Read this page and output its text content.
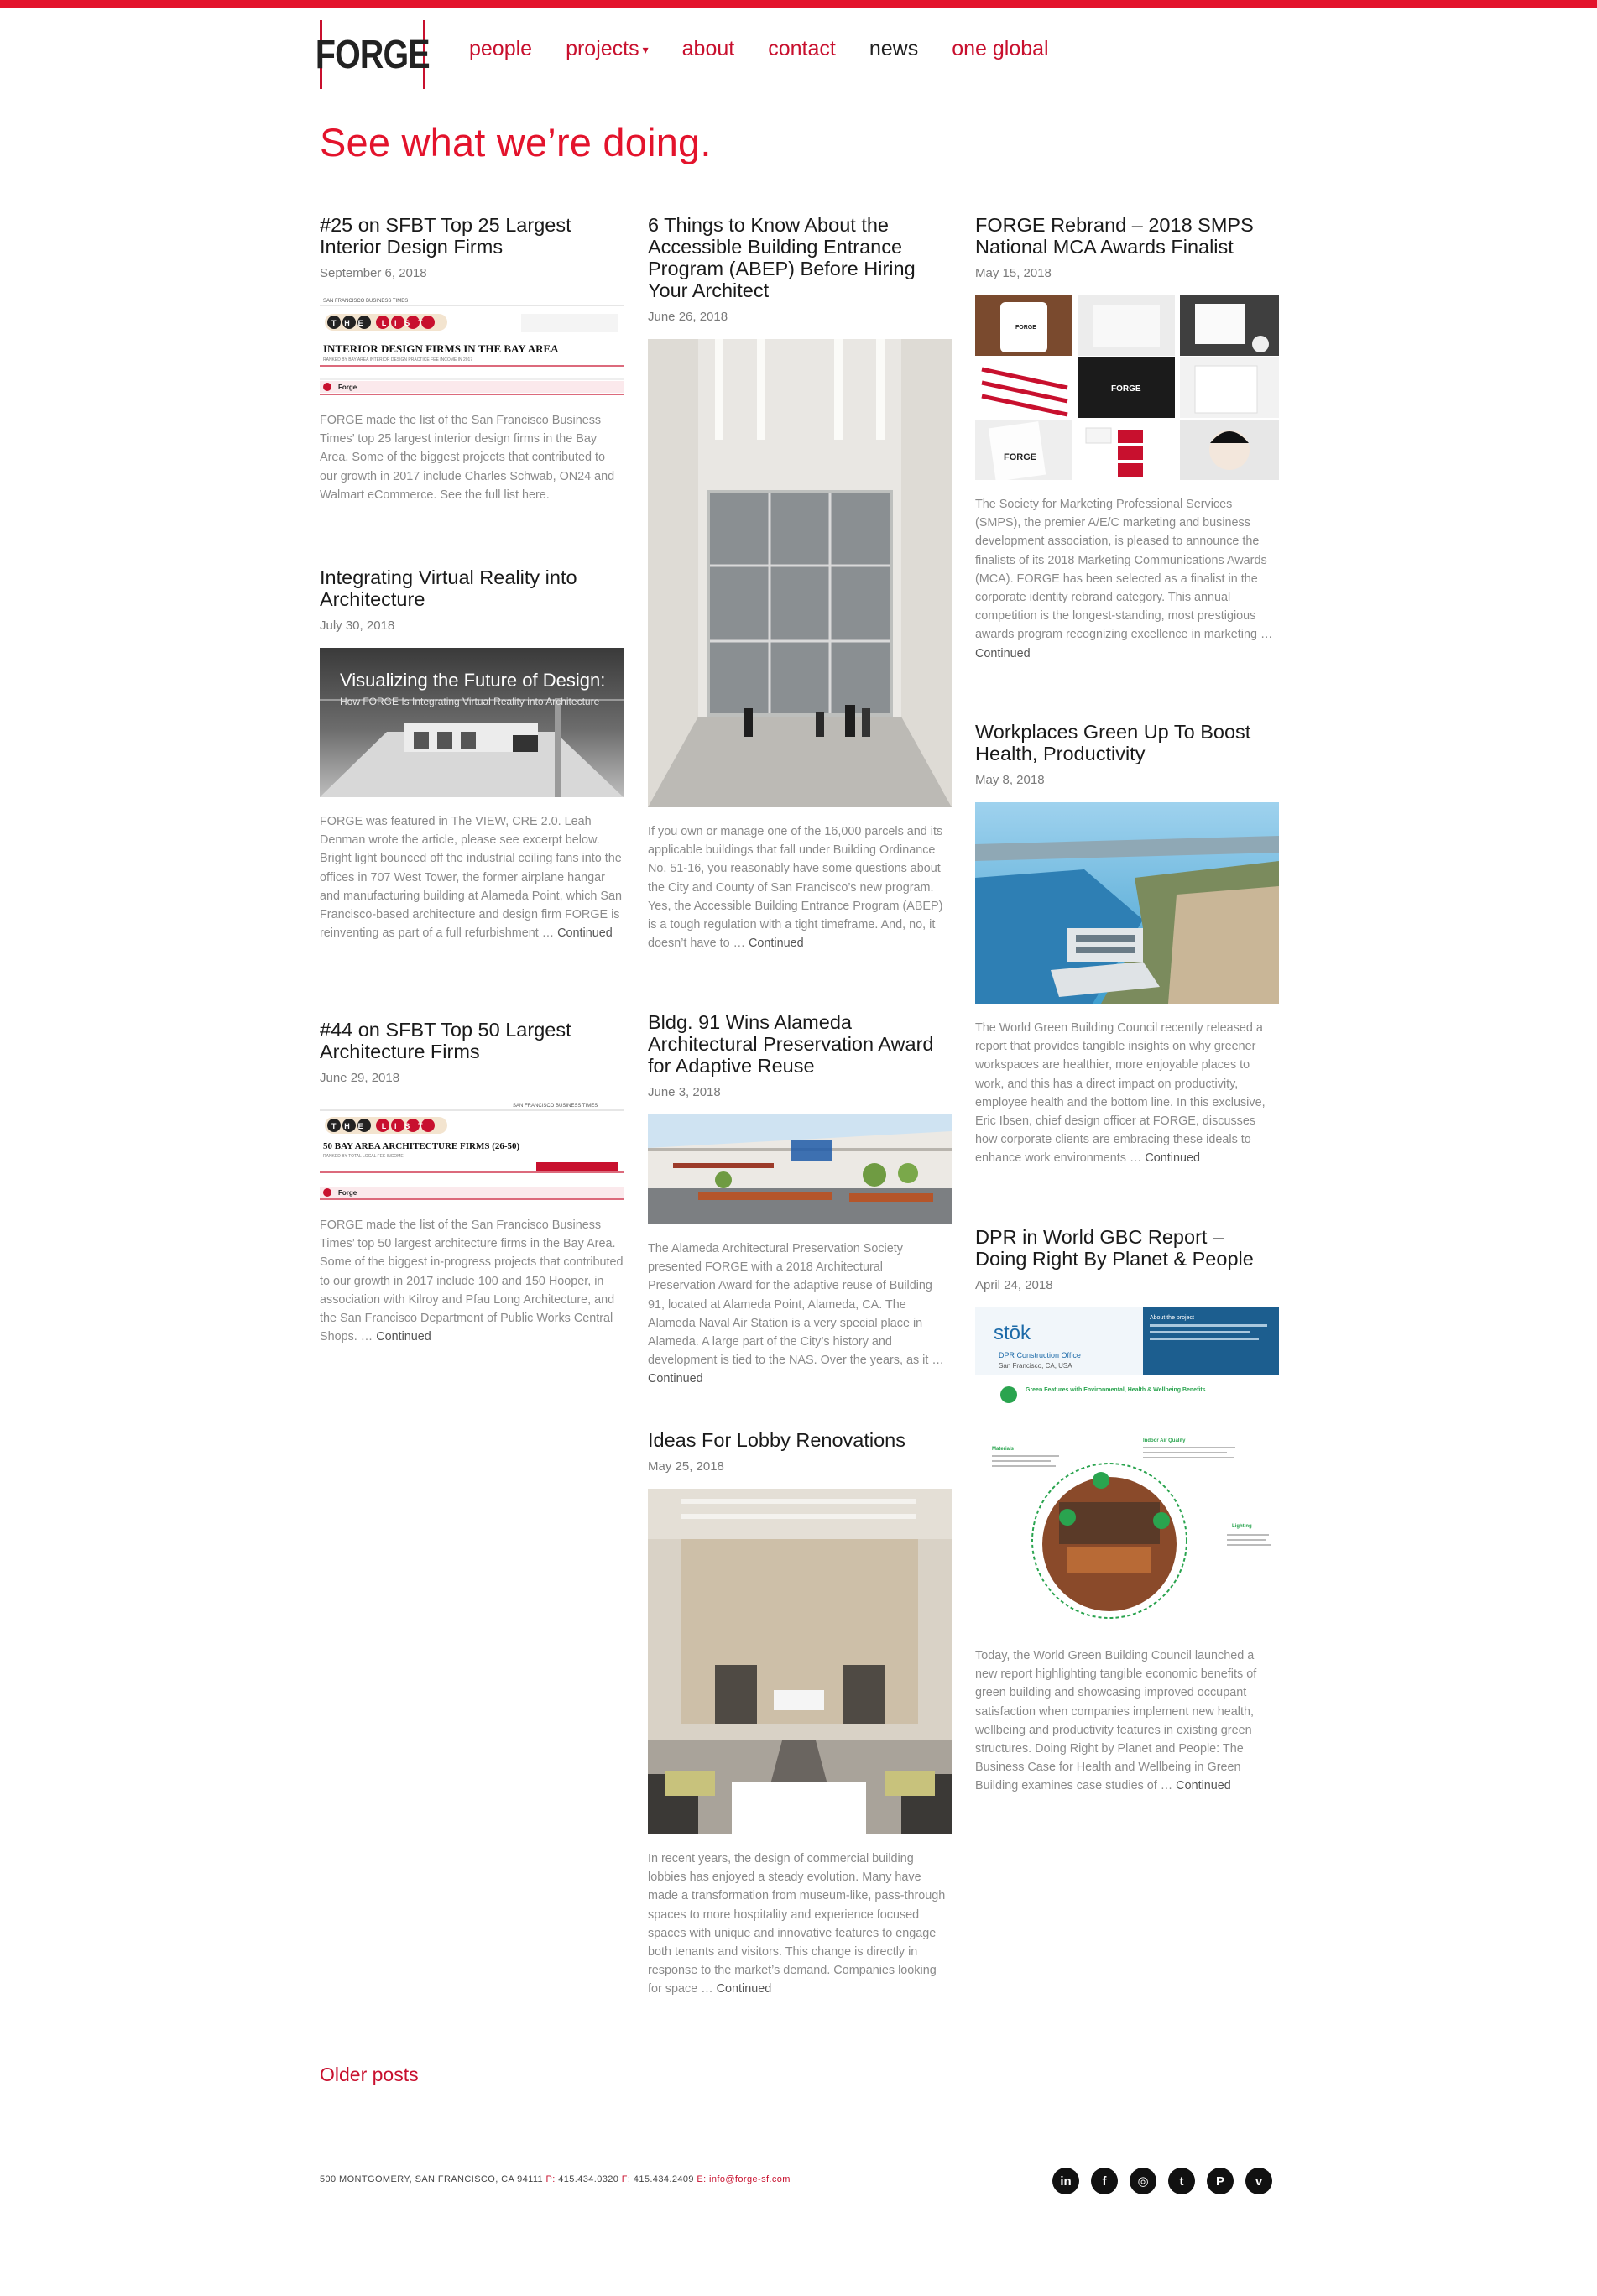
FORGE people projects ▾ about contact news one global
See what we’re doing.
#25 on SFBT Top 25 Largest Interior Design Firms
September 6, 2018
SAN FRANCISCO BUSINESS TIMES
THE LIST
INTERIOR DESIGN FIRMS IN THE BAY AREA
RANKED BY BAY AREA INTERIOR DESIGN PRACTICE FEE INCOME IN 2017
Forge

FORGE made the list of the San Francisco Business Times’ top 25 largest interior design firms in the Bay Area. Some of the biggest projects that contributed to our growth in 2017 include Charles Schwab, ON24 and Walmart eCommerce. See the full list here.

Integrating Virtual Reality into Architecture
July 30, 2018
Visualizing the Future of Design:
How FORGE Is Integrating Virtual Reality into Architecture

FORGE was featured in The VIEW, CRE 2.0. Leah Denman wrote the article, please see excerpt below. Bright light bounced off the industrial ceiling fans into the offices in 707 West Tower, the former airplane hangar and manufacturing building at Alameda Point, which San Francisco-based architecture and design firm FORGE is reinventing as part of a full refurbishment … Continued

#44 on SFBT Top 50 Largest Architecture Firms
June 29, 2018
SAN FRANCISCO BUSINESS TIMES
THE LIST
50 BAY AREA ARCHITECTURE FIRMS (26-50)
RANKED BY TOTAL LOCAL FEE INCOME
Forge

FORGE made the list of the San Francisco Business Times’ top 50 largest architecture firms in the Bay Area. Some of the biggest in-progress projects that contributed to our growth in 2017 include 100 and 150 Hooper, in association with Kilroy and Pfau Long Architecture, and the San Francisco Department of Public Works Central Shops. … Continued

6 Things to Know About the Accessible Building Entrance Program (ABEP) Before Hiring Your Architect
June 26, 2018

If you own or manage one of the 16,000 parcels and its applicable buildings that fall under Building Ordinance No. 51-16, you reasonably have some questions about the City and County of San Francisco’s new program. Yes, the Accessible Building Entrance Program (ABEP) is a tough regulation with a tight timeframe. And, no, it doesn’t have to … Continued

Bldg. 91 Wins Alameda Architectural Preservation Award for Adaptive Reuse
June 3, 2018

The Alameda Architectural Preservation Society presented FORGE with a 2018 Architectural Preservation Award for the adaptive reuse of Building 91, located at Alameda Point, Alameda, CA. The Alameda Naval Air Station is a very special place in Alameda. A large part of the City’s history and development is tied to the NAS. Over the years, as it … Continued

Ideas For Lobby Renovations
May 25, 2018

In recent years, the design of commercial building lobbies has enjoyed a steady evolution. Many have made a transformation from museum-like, pass-through spaces to more hospitality and experience focused spaces with unique and innovative features to engage both tenants and visitors. This change is directly in response to the market’s demand. Companies looking for space … Continued

FORGE Rebrand – 2018 SMPS National MCA Awards Finalist
May 15, 2018
FORGE
FORGE
FORGE

The Society for Marketing Professional Services (SMPS), the premier A/E/C marketing and business development association, is pleased to announce the finalists of its 2018 Marketing Communications Awards (MCA). FORGE has been selected as a finalist in the corporate identity rebrand category. This annual competition is the longest-standing, most prestigious awards program recognizing excellence in marketing … Continued

Workplaces Green Up To Boost Health, Productivity
May 8, 2018

The World Green Building Council recently released a report that provides tangible insights on why greener workspaces are healthier, more enjoyable places to work, and this has a direct impact on productivity, employee health and the bottom line. In this exclusive, Eric Ibsen, chief design officer at FORGE, discusses how corporate clients are embracing these ideals to enhance work environments … Continued

DPR in World GBC Report – Doing Right By Planet & People
April 24, 2018
stōk
DPR Construction Office
San Francisco, CA, USA
About the project
Green Features with Environmental, Health & Wellbeing Benefits
Indoor Air Quality
Materials
Lighting

Today, the World Green Building Council launched a new report highlighting tangible economic benefits of green building and showcasing improved occupant satisfaction when companies implement new health, wellbeing and productivity features in existing green structures. Doing Right by Planet and People: The Business Case for Health and Wellbeing in Green Building examines case studies of … Continued

Older posts
500 MONTGOMERY, SAN FRANCISCO, CA 94111 P: 415.434.0320 F: 415.434.2409 E: info@forge-sf.com	in	f	◎	t	P	v
